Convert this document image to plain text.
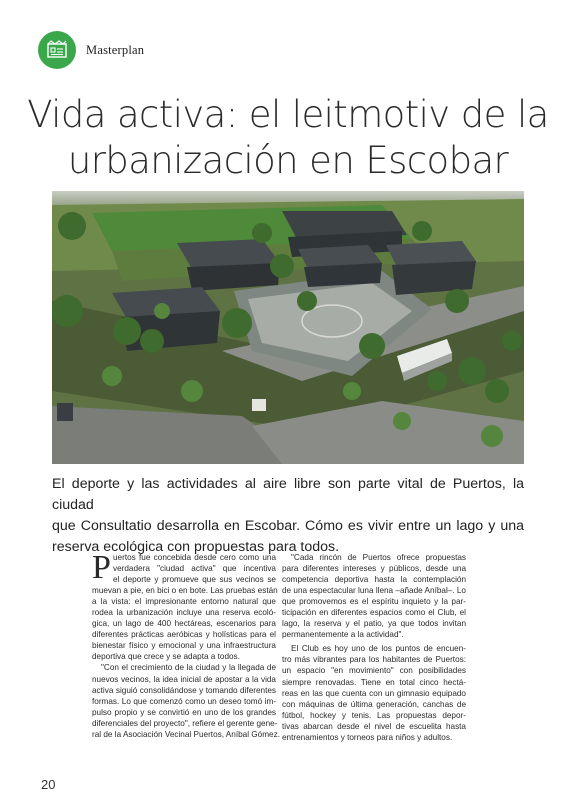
Masterplan
Vida activa: el leitmotiv de la
urbanización en Escobar
El deporte y las actividades al aire libre son parte vital de Puertos, la ciudad
que Consultatio desarrolla en Escobar. Cómo es vivir entre un lago y una
reserva ecológica con propuestas para todos.
P uertos fue concebida desde cero como una
verdadera "ciudad activa" que incentiva
el deporte y promueve que sus vecinos se
muevan a pie, en bici o en bote. Las pruebas están
a la vista: el impresionante entorno natural que
rodea la urbanización incluye una reserva ecoló-
gica, un lago de 400 hectáreas, escenarios para
diferentes prácticas aeróbicas y holísticas para el
bienestar físico y emocional y una infraestructura
deportiva que crece y se adapta a todos.

"Con el crecimiento de la ciudad y la llegada de
nuevos vecinos, la idea inicial de apostar a la vida
activa siguió consolidándose y tomando diferentes
formas. Lo que comenzó como un deseo tomó im-
pulso propio y se convirtió en uno de los grandes
diferenciales del proyecto", refiere el gerente gene-
ral de la Asociación Vecinal Puertos, Aníbal Gómez.

"Cada rincón de Puertos ofrece propuestas
para diferentes intereses y públicos, desde una
competencia deportiva hasta la contemplación
de una espectacular luna llena –añade Aníbal–. Lo
que promovemos es el espíritu inquieto y la par-
ticipación en diferentes espacios como el Club, el
lago, la reserva y el patio, ya que todos invitan
permanentemente a la actividad".

El Club es hoy uno de los puntos de encuen-
tro más vibrantes para los habitantes de Puertos:
un espacio "en movimiento" con posibilidades
siempre renovadas. Tiene en total cinco hectá-
reas en las que cuenta con un gimnasio equipado
con máquinas de última generación, canchas de
fútbol, hockey y tenis. Las propuestas depor-
tivas abarcan desde el nivel de escuelita hasta
entrenamientos y torneos para niños y adultos.

20
